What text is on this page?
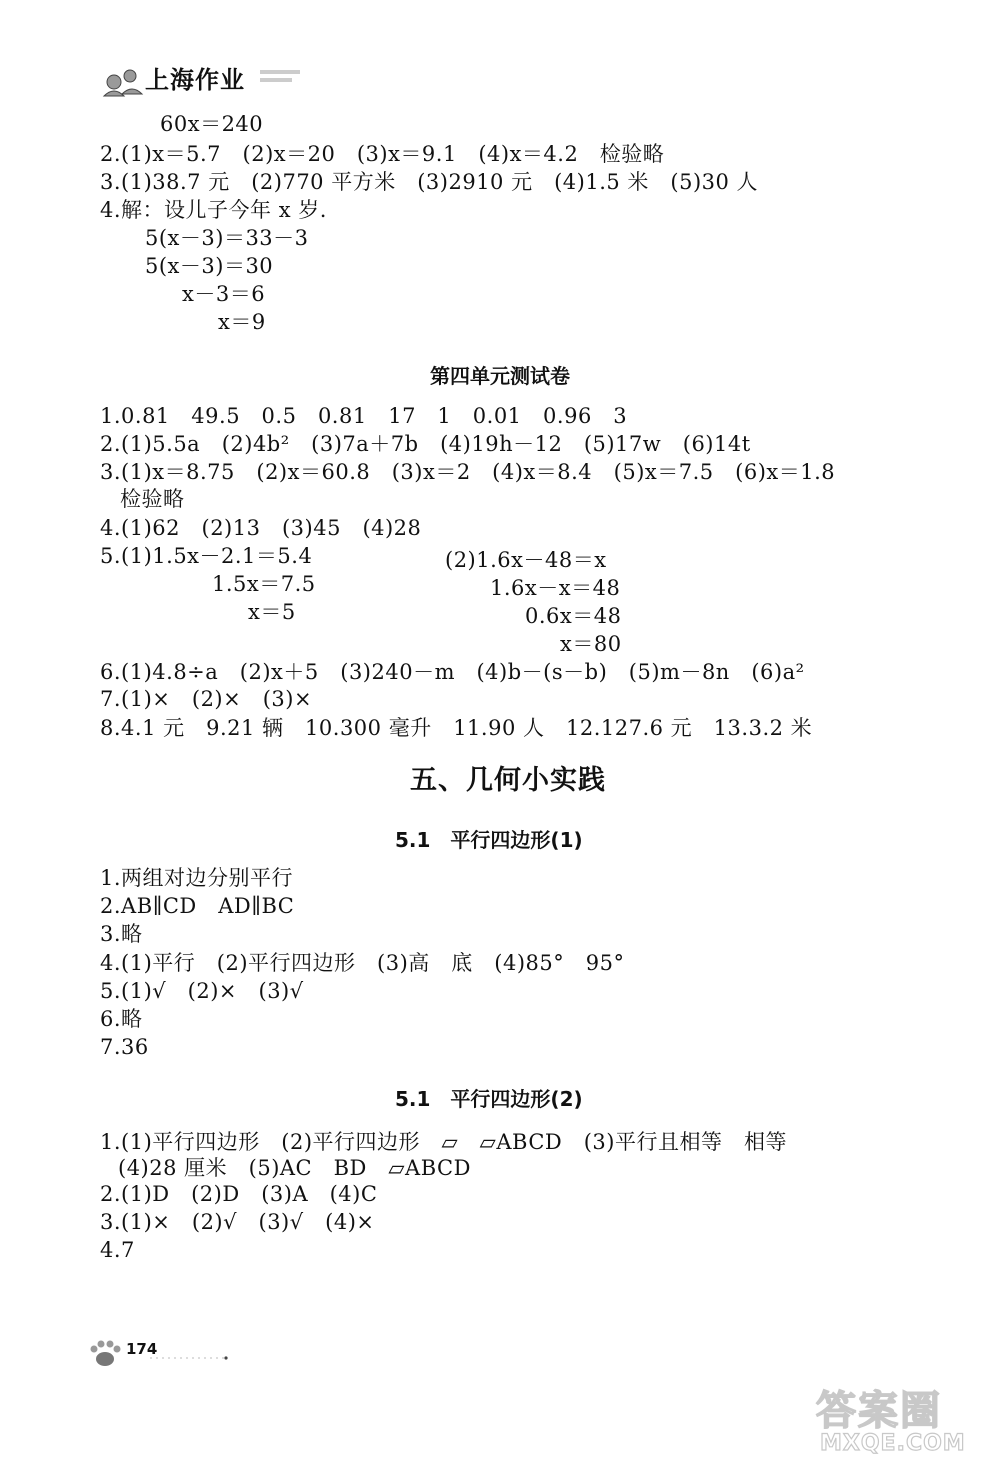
上海作业
60x＝240
2.(1)x＝5.7　(2)x＝20　(3)x＝9.1　(4)x＝4.2　检验略
3.(1)38.7 元　(2)770 平方米　(3)2910 元　(4)1.5 米　(5)30 人
4.解：设儿子今年 x 岁.
5(x－3)＝33－3
5(x－3)＝30
x－3＝6
x＝9
第四单元测试卷
1.0.81　49.5　0.5　0.81　17　1　0.01　0.96　3
2.(1)5.5a　(2)4b²　(3)7a＋7b　(4)19h－12　(5)17w　(6)14t
3.(1)x＝8.75　(2)x＝60.8　(3)x＝2　(4)x＝8.4　(5)x＝7.5　(6)x＝1.8
检验略
4.(1)62　(2)13　(3)45　(4)28
5.(1)1.5x－2.1＝5.4	(2)1.6x－48＝x
1.5x＝7.5	1.6x－x＝48
x＝5	0.6x＝48
x＝80
6.(1)4.8÷a　(2)x＋5　(3)240－m　(4)b－(s－b)　(5)m－8n　(6)a²
7.(1)×　(2)×　(3)×
8.4.1 元　9.21 辆　10.300 毫升　11.90 人　12.127.6 元　13.3.2 米
五、几何小实践
5.1　平行四边形(1)
1.两组对边分别平行
2.AB∥CD　AD∥BC
3.略
4.(1)平行　(2)平行四边形　(3)高　底　(4)85°　95°
5.(1)√　(2)×　(3)√
6.略
7.36
5.1　平行四边形(2)
1.(1)平行四边形　(2)平行四边形　▱　▱ABCD　(3)平行且相等　相等
(4)28 厘米　(5)AC　BD　▱ABCD
2.(1)D　(2)D　(3)A　(4)C
3.(1)×　(2)√　(3)√　(4)×
4.7
174
答案圈
MXQE.COM
